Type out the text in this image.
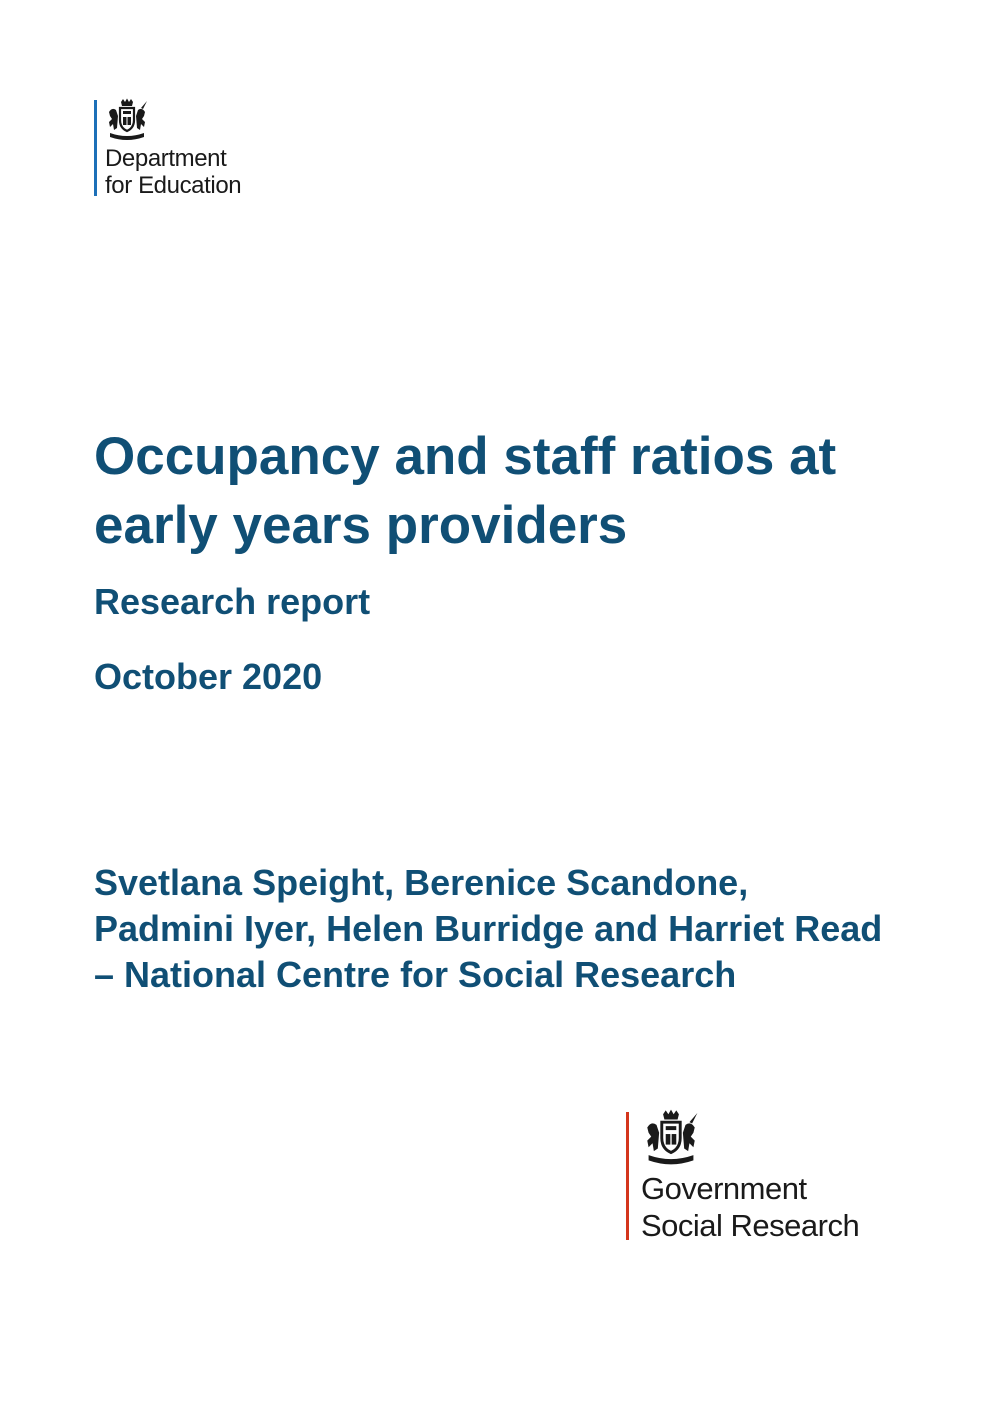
Department
for Education

Occupancy and staff ratios at early years providers
Research report

October 2020

Svetlana Speight, Berenice Scandone, Padmini Iyer, Helen Burridge and Harriet Read – National Centre for Social Research

Government
Social Research
